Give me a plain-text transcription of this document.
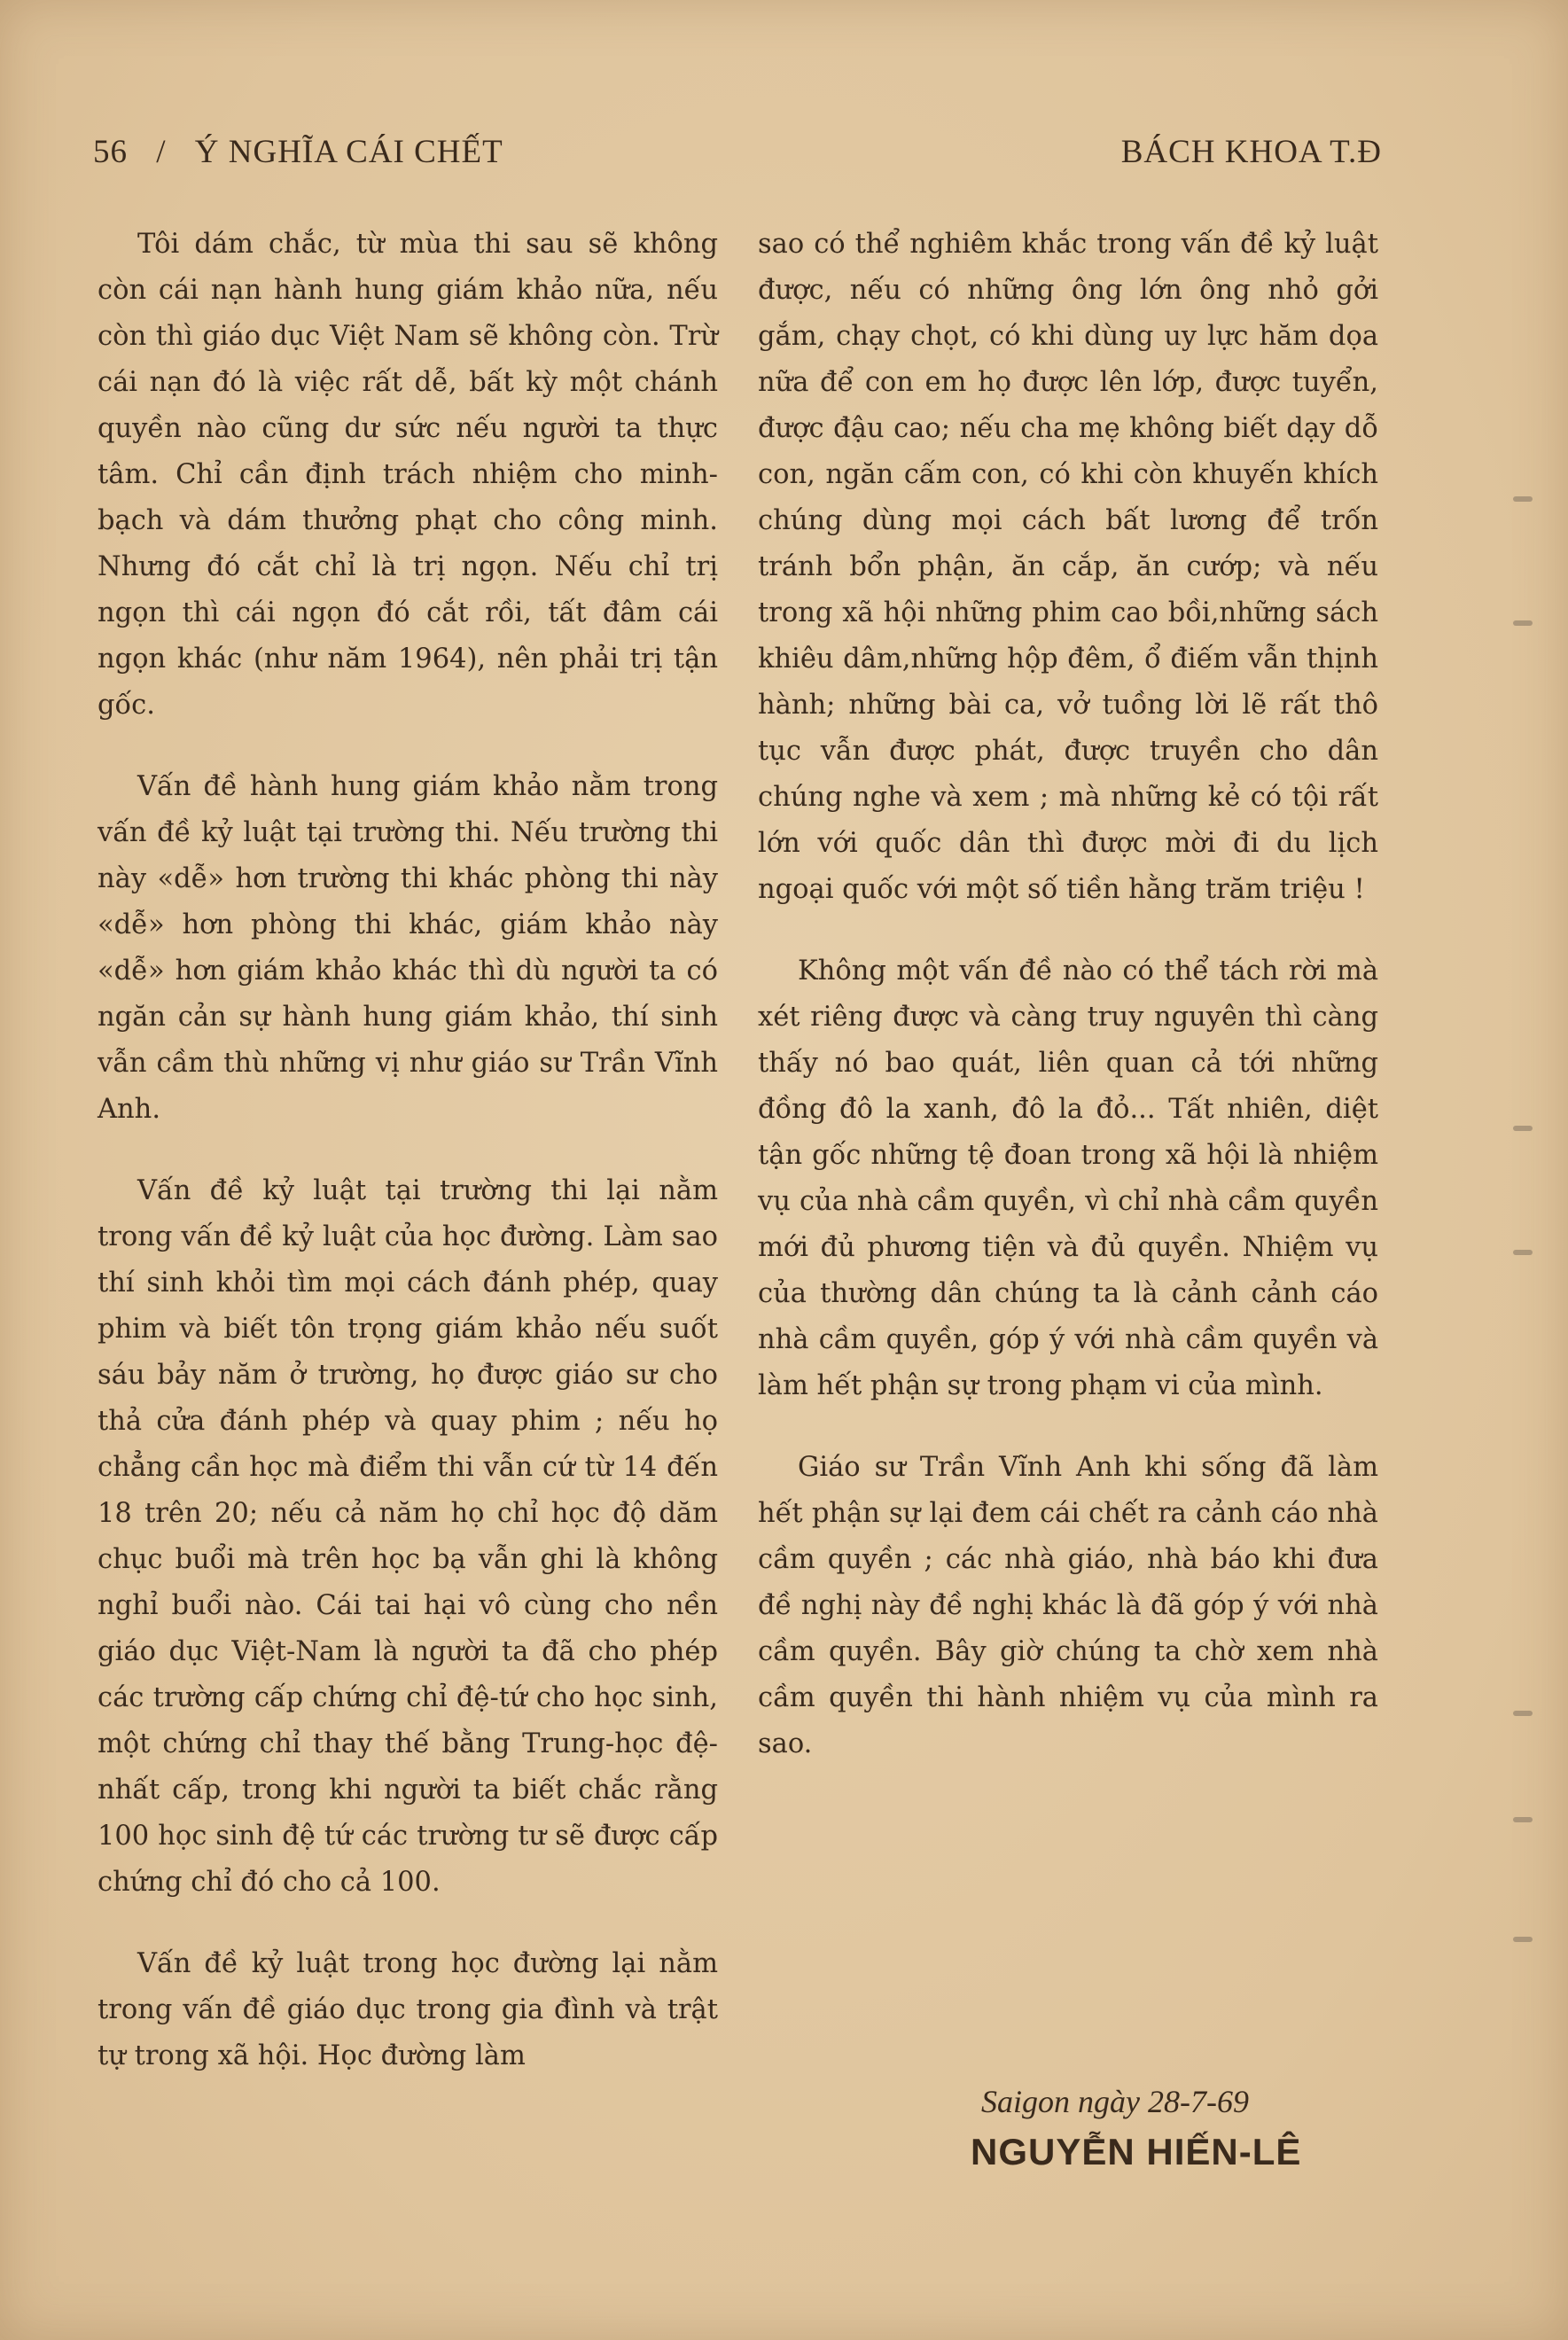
56 / Ý NGHĨA CÁI CHẾT	BÁCH KHOA T.Đ

Tôi dám chắc, từ mùa thi sau sẽ không còn cái nạn hành hung giám khảo nữa, nếu còn thì giáo dục Việt Nam sẽ không còn. Trừ cái nạn đó là việc rất dễ, bất kỳ một chánh quyền nào cũng dư sức nếu người ta thực tâm. Chỉ cần định trách nhiệm cho minh-bạch và dám thưởng phạt cho công minh. Nhưng đó cắt chỉ là trị ngọn. Nếu chỉ trị ngọn thì cái ngọn đó cắt rồi, tất đâm cái ngọn khác (như năm 1964), nên phải trị tận gốc.

Vấn đề hành hung giám khảo nằm trong vấn đề kỷ luật tại trường thi. Nếu trường thi này «dễ» hơn trường thi khác phòng thi này «dễ» hơn phòng thi khác, giám khảo này «dễ» hơn giám khảo khác thì dù người ta có ngăn cản sự hành hung giám khảo, thí sinh vẫn cầm thù những vị như giáo sư Trần Vĩnh Anh.

Vấn đề kỷ luật tại trường thi lại nằm trong vấn đề kỷ luật của học đường. Làm sao thí sinh khỏi tìm mọi cách đánh phép, quay phim và biết tôn trọng giám khảo nếu suốt sáu bảy năm ở trường, họ được giáo sư cho thả cửa đánh phép và quay phim ; nếu họ chẳng cần học mà điểm thi vẫn cứ từ 14 đến 18 trên 20; nếu cả năm họ chỉ học độ dăm chục buổi mà trên học bạ vẫn ghi là không nghỉ buổi nào. Cái tai hại vô cùng cho nền giáo dục Việt-Nam là người ta đã cho phép các trường cấp chứng chỉ đệ-tứ cho học sinh, một chứng chỉ thay thế bằng Trung-học đệ-nhất cấp, trong khi người ta biết chắc rằng 100 học sinh đệ tứ các trường tư sẽ được cấp chứng chỉ đó cho cả 100.

Vấn đề kỷ luật trong học đường lại nằm trong vấn đề giáo dục trong gia đình và trật tự trong xã hội. Học đường làm

sao có thể nghiêm khắc trong vấn đề kỷ luật được, nếu có những ông lớn ông nhỏ gởi gắm, chạy chọt, có khi dùng uy lực hăm dọa nữa để con em họ được lên lớp, được tuyển, được đậu cao; nếu cha mẹ không biết dạy dỗ con, ngăn cấm con, có khi còn khuyến khích chúng dùng mọi cách bất lương để trốn tránh bổn phận, ăn cắp, ăn cướp; và nếu trong xã hội những phim cao bồi,những sách khiêu dâm,những hộp đêm, ổ điếm vẫn thịnh hành; những bài ca, vở tuồng lời lẽ rất thô tục vẫn được phát, được truyền cho dân chúng nghe và xem ; mà những kẻ có tội rất lớn với quốc dân thì được mời đi du lịch ngoại quốc với một số tiền hằng trăm triệu !

Không một vấn đề nào có thể tách rời mà xét riêng được và càng truy nguyên thì càng thấy nó bao quát, liên quan cả tới những đồng đô la xanh, đô la đỏ... Tất nhiên, diệt tận gốc những tệ đoan trong xã hội là nhiệm vụ của nhà cầm quyền, vì chỉ nhà cầm quyền mới đủ phương tiện và đủ quyền. Nhiệm vụ của thường dân chúng ta là cảnh cảnh cáo nhà cầm quyền, góp ý với nhà cầm quyền và làm hết phận sự trong phạm vi của mình.

Giáo sư Trần Vĩnh Anh khi sống đã làm hết phận sự lại đem cái chết ra cảnh cáo nhà cầm quyền ; các nhà giáo, nhà báo khi đưa đề nghị này đề nghị khác là đã góp ý với nhà cầm quyền. Bây giờ chúng ta chờ xem nhà cầm quyền thi hành nhiệm vụ của mình ra sao.

Saigon ngày 28-7-69
NGUYỄN HIẾN-LÊ
